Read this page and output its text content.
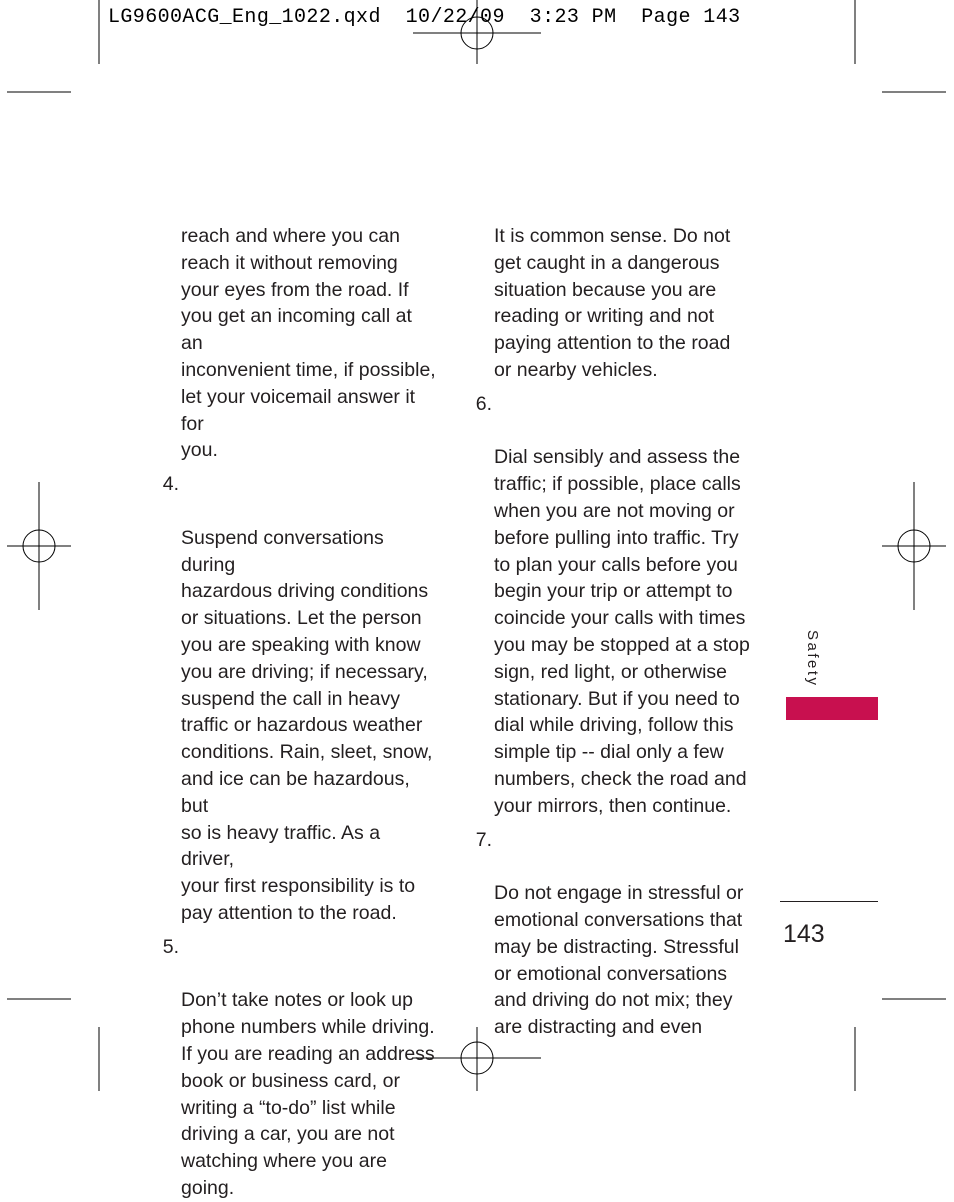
LG9600ACG_Eng_1022.qxd  10/22/09  3:23 PM  Page 143
reach and where you can
reach it without removing
your eyes from the road. If
you get an incoming call at an
inconvenient time, if possible,
let your voicemail answer it for
you.

4.

Suspend conversations during
hazardous driving conditions
or situations. Let the person
you are speaking with know
you are driving; if necessary,
suspend the call in heavy
traffic or hazardous weather
conditions. Rain, sleet, snow,
and ice can be hazardous, but
so is heavy traffic. As a driver,
your first responsibility is to
pay attention to the road.

5.

Don’t take notes or look up
phone numbers while driving.
If you are reading an address
book or business card, or
writing a “to-do” list while
driving a car, you are not
watching where you are going.

It is common sense. Do not
get caught in a dangerous
situation because you are
reading or writing and not
paying attention to the road
or nearby vehicles.

6.

Dial sensibly and assess the
traffic; if possible, place calls
when you are not moving or
before pulling into traffic. Try
to plan your calls before you
begin your trip or attempt to
coincide your calls with times
you may be stopped at a stop
sign, red light, or otherwise
stationary. But if you need to
dial while driving, follow this
simple tip -- dial only a few
numbers, check the road and
your mirrors, then continue.

7.

Do not engage in stressful or
emotional conversations that
may be distracting. Stressful
or emotional conversations
and driving do not mix; they
are distracting and even

Safety
143
